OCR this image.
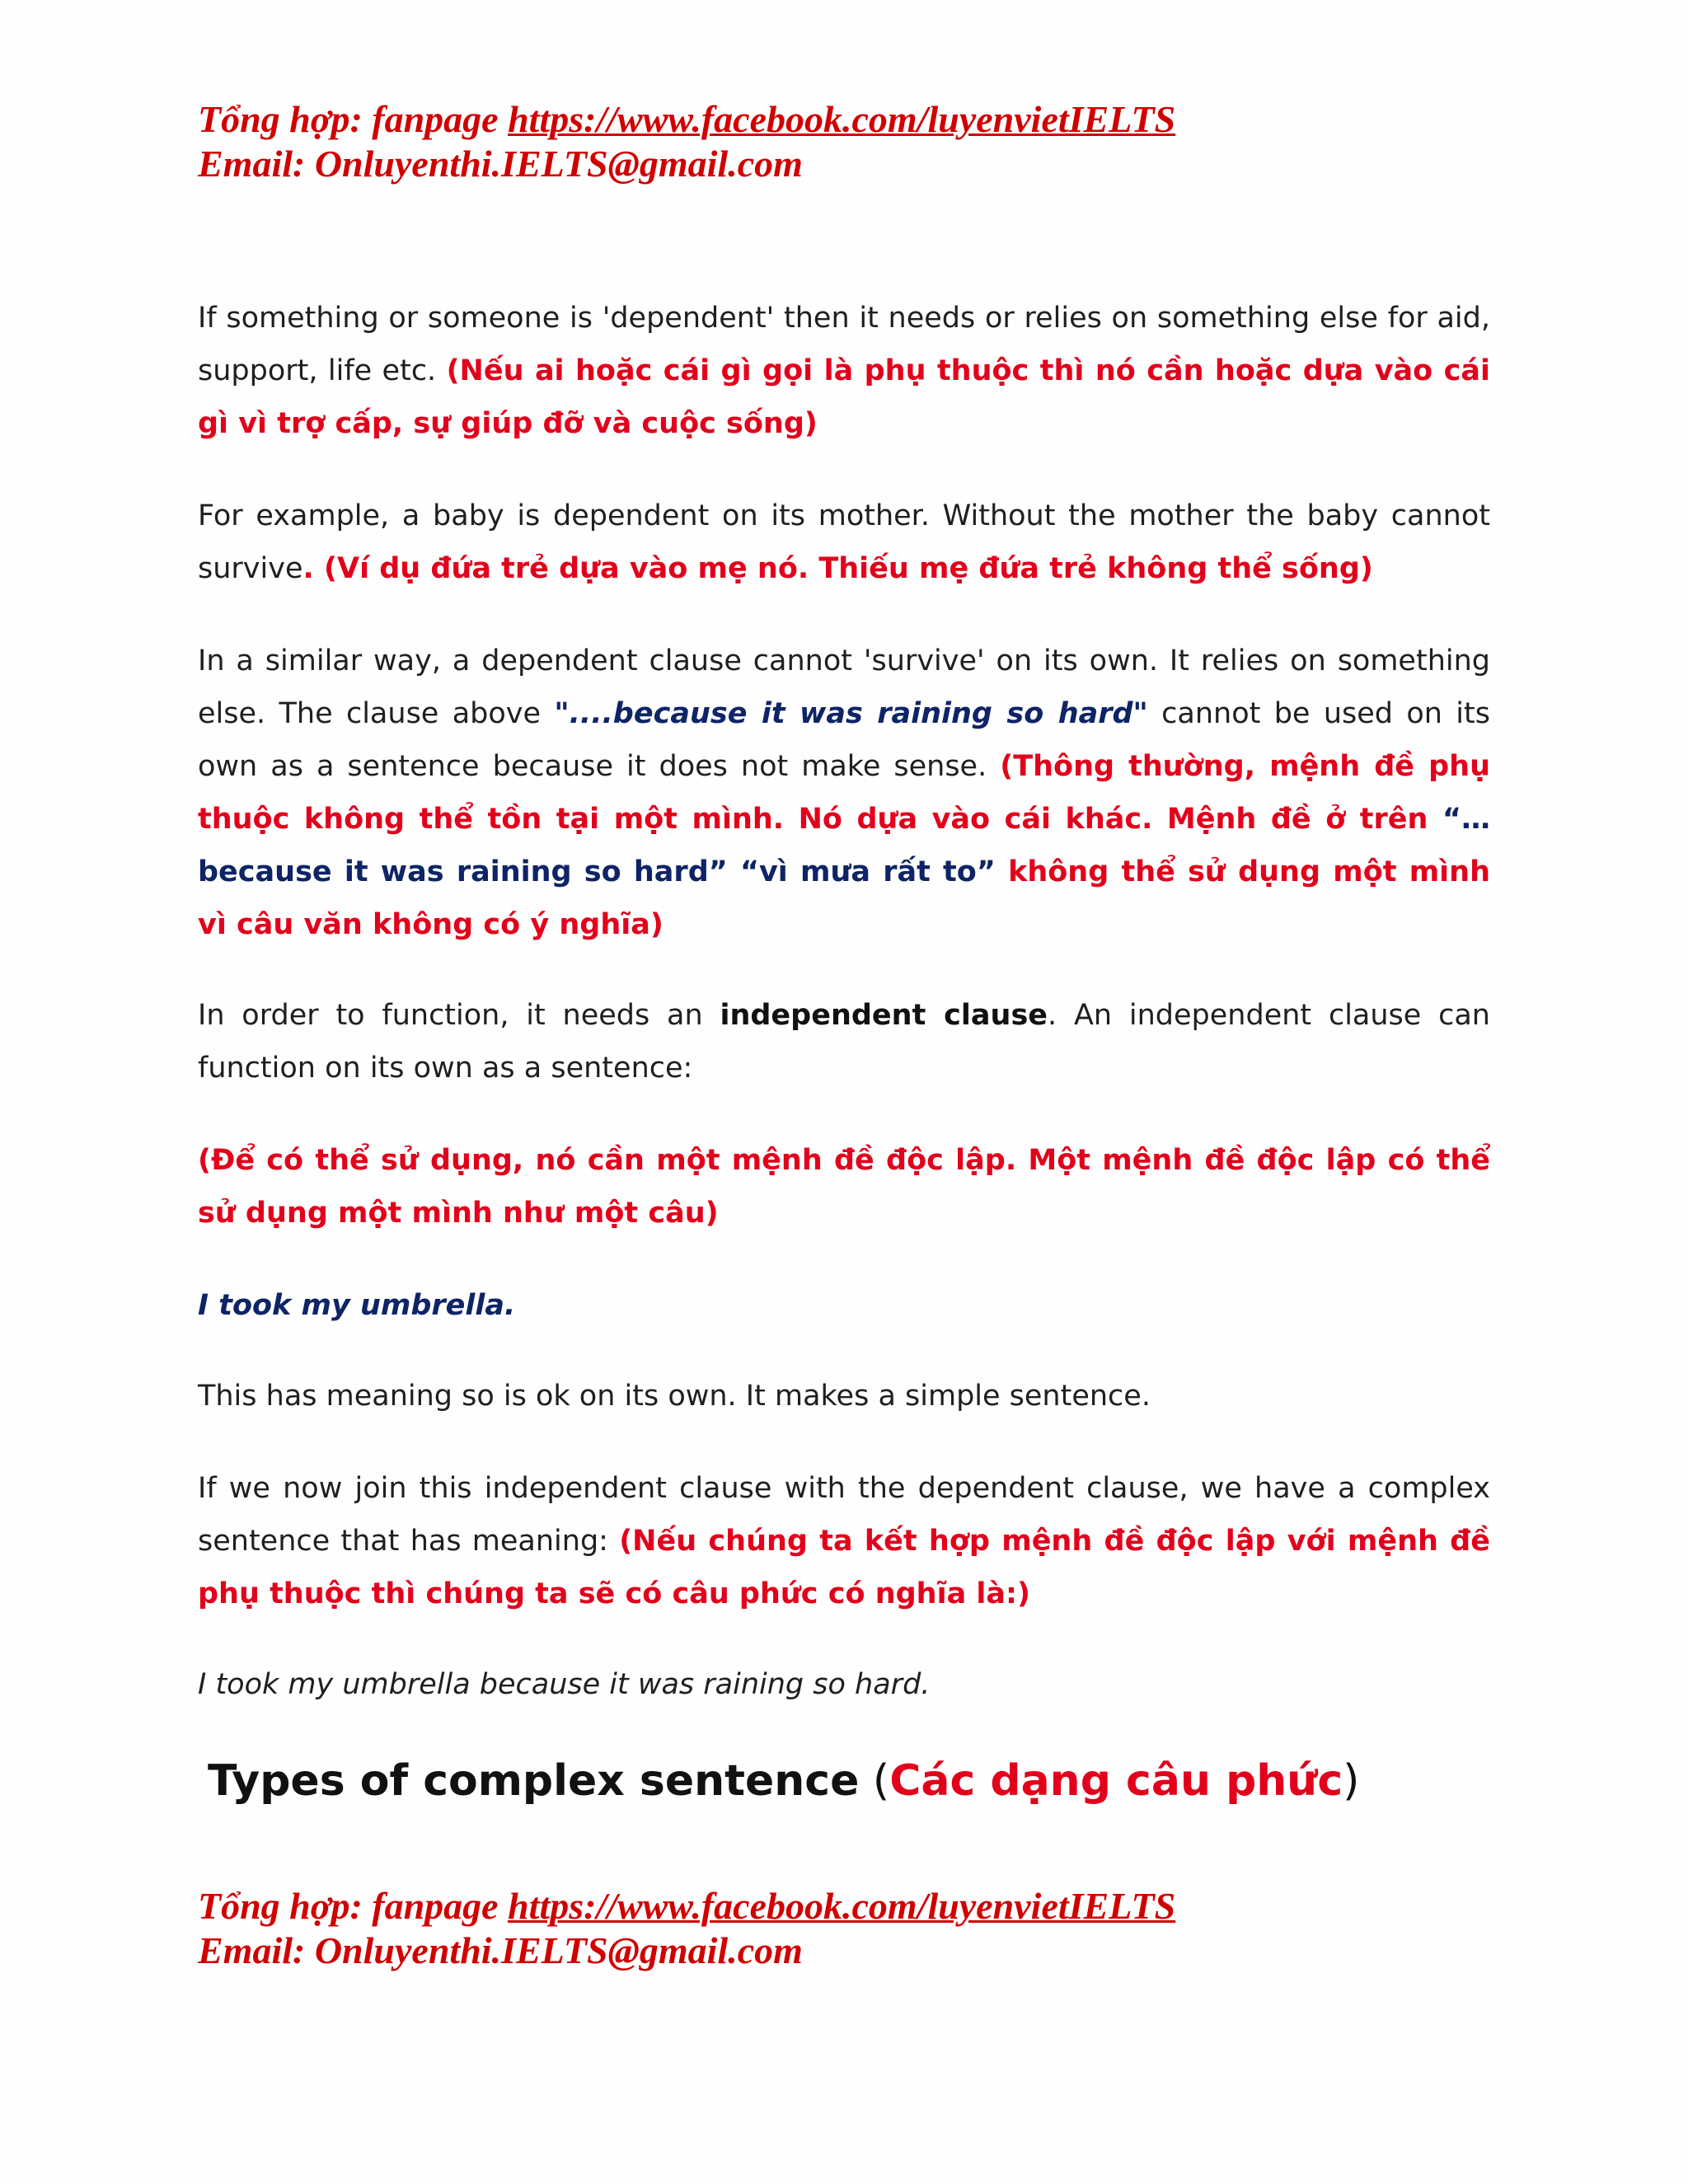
Tổng hợp: fanpage https://www.facebook.com/luyenvietIELTS
Email: Onluyenthi.IELTS@gmail.com

If something or someone is 'dependent' then it needs or relies on something else for aid, support, life etc. (Nếu ai hoặc cái gì gọi là phụ thuộc thì nó cần hoặc dựa vào cái gì vì trợ cấp, sự giúp đỡ và cuộc sống)

For example, a baby is dependent on its mother. Without the mother the baby cannot survive. (Ví dụ đứa trẻ dựa vào mẹ nó. Thiếu mẹ đứa trẻ không thể sống)

In a similar way, a dependent clause cannot 'survive' on its own. It relies on something else. The clause above "....because it was raining so hard" cannot be used on its own as a sentence because it does not make sense. (Thông thường, mệnh đề phụ thuộc không thể tồn tại một mình. Nó dựa vào cái khác. Mệnh đề ở trên “…because it was raining so hard” “vì mưa rất to” không thể sử dụng một mình vì câu văn không có ý nghĩa)

In order to function, it needs an independent clause. An independent clause can function on its own as a sentence:

(Để có thể sử dụng, nó cần một mệnh đề độc lập. Một mệnh đề độc lập có thể sử dụng một mình như một câu)

I took my umbrella.

This has meaning so is ok on its own. It makes a simple sentence.

If we now join this independent clause with the dependent clause, we have a complex sentence that has meaning: (Nếu chúng ta kết hợp mệnh đề độc lập với mệnh đề phụ thuộc thì chúng ta sẽ có câu phức có nghĩa là:)

I took my umbrella because it was raining so hard.

Types of complex sentence (Các dạng câu phức)
Tổng hợp: fanpage https://www.facebook.com/luyenvietIELTS
Email: Onluyenthi.IELTS@gmail.com
